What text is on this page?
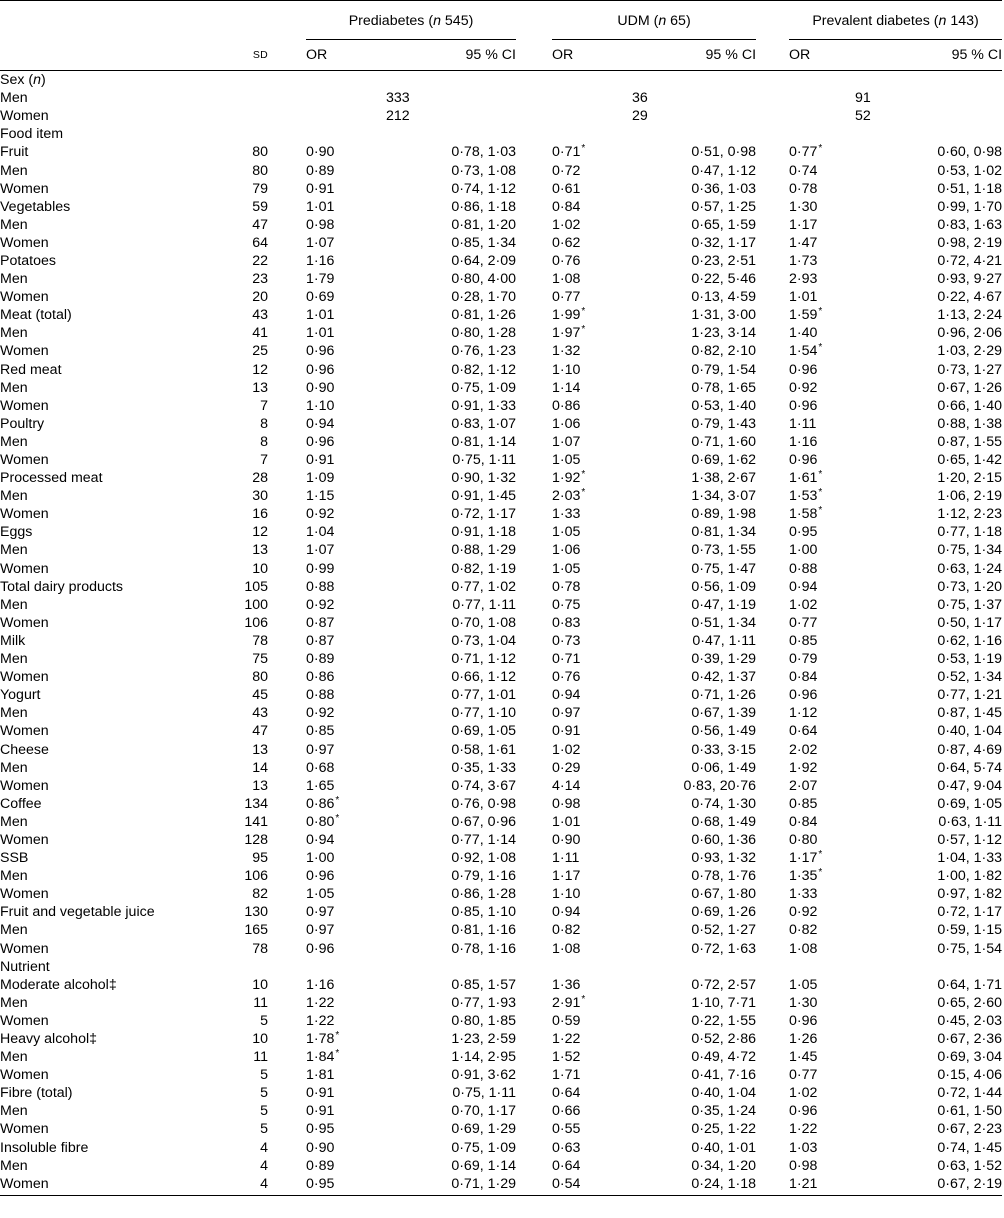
			Prediabetes (n 545)			UDM (n 65)			Prevalent diabetes (n 143)	

	SD		OR	95 % CI		OR	95 % CI		OR	95 % CI
Sex (n)										
Men				333			36			91
Women				212			29			52
Food item										
Fruit	80		0·90	0·78, 1·03		0·71 *	0·51, 0·98		0·77 *	0·60, 0·98
Men	80		0·89	0·73, 1·08		0·72	0·47, 1·12		0·74	0·53, 1·02
Women	79		0·91	0·74, 1·12		0·61	0·36, 1·03		0·78	0·51, 1·18
Vegetables	59		1·01	0·86, 1·18		0·84	0·57, 1·25		1·30	0·99, 1·70
Men	47		0·98	0·81, 1·20		1·02	0·65, 1·59		1·17	0·83, 1·63
Women	64		1·07	0·85, 1·34		0·62	0·32, 1·17		1·47	0·98, 2·19
Potatoes	22		1·16	0·64, 2·09		0·76	0·23, 2·51		1·73	0·72, 4·21
Men	23		1·79	0·80, 4·00		1·08	0·22, 5·46		2·93	0·93, 9·27
Women	20		0·69	0·28, 1·70		0·77	0·13, 4·59		1·01	0·22, 4·67
Meat (total)	43		1·01	0·81, 1·26		1·99 *	1·31, 3·00		1·59 *	1·13, 2·24
Men	41		1·01	0·80, 1·28		1·97 *	1·23, 3·14		1·40	0·96, 2·06
Women	25		0·96	0·76, 1·23		1·32	0·82, 2·10		1·54 *	1·03, 2·29
Red meat	12		0·96	0·82, 1·12		1·10	0·79, 1·54		0·96	0·73, 1·27
Men	13		0·90	0·75, 1·09		1·14	0·78, 1·65		0·92	0·67, 1·26
Women	7		1·10	0·91, 1·33		0·86	0·53, 1·40		0·96	0·66, 1·40
Poultry	8		0·94	0·83, 1·07		1·06	0·79, 1·43		1·11	0·88, 1·38
Men	8		0·96	0·81, 1·14		1·07	0·71, 1·60		1·16	0·87, 1·55
Women	7		0·91	0·75, 1·11		1·05	0·69, 1·62		0·96	0·65, 1·42
Processed meat	28		1·09	0·90, 1·32		1·92 *	1·38, 2·67		1·61 *	1·20, 2·15
Men	30		1·15	0·91, 1·45		2·03 *	1·34, 3·07		1·53 *	1·06, 2·19
Women	16		0·92	0·72, 1·17		1·33	0·89, 1·98		1·58 *	1·12, 2·23
Eggs	12		1·04	0·91, 1·18		1·05	0·81, 1·34		0·95	0·77, 1·18
Men	13		1·07	0·88, 1·29		1·06	0·73, 1·55		1·00	0·75, 1·34
Women	10		0·99	0·82, 1·19		1·05	0·75, 1·47		0·88	0·63, 1·24
Total dairy products	105		0·88	0·77, 1·02		0·78	0·56, 1·09		0·94	0·73, 1·20
Men	100		0·92	0·77, 1·11		0·75	0·47, 1·19		1·02	0·75, 1·37
Women	106		0·87	0·70, 1·08		0·83	0·51, 1·34		0·77	0·50, 1·17
Milk	78		0·87	0·73, 1·04		0·73	0·47, 1·11		0·85	0·62, 1·16
Men	75		0·89	0·71, 1·12		0·71	0·39, 1·29		0·79	0·53, 1·19
Women	80		0·86	0·66, 1·12		0·76	0·42, 1·37		0·84	0·52, 1·34
Yogurt	45		0·88	0·77, 1·01		0·94	0·71, 1·26		0·96	0·77, 1·21
Men	43		0·92	0·77, 1·10		0·97	0·67, 1·39		1·12	0·87, 1·45
Women	47		0·85	0·69, 1·05		0·91	0·56, 1·49		0·64	0·40, 1·04
Cheese	13		0·97	0·58, 1·61		1·02	0·33, 3·15		2·02	0·87, 4·69
Men	14		0·68	0·35, 1·33		0·29	0·06, 1·49		1·92	0·64, 5·74
Women	13		1·65	0·74, 3·67		4·14	0·83, 20·76		2·07	0·47, 9·04
Coffee	134		0·86 *	0·76, 0·98		0·98	0·74, 1·30		0·85	0·69, 1·05
Men	141		0·80 *	0·67, 0·96		1·01	0·68, 1·49		0·84	0·63, 1·11
Women	128		0·94	0·77, 1·14		0·90	0·60, 1·36		0·80	0·57, 1·12
SSB	95		1·00	0·92, 1·08		1·11	0·93, 1·32		1·17 *	1·04, 1·33
Men	106		0·96	0·79, 1·16		1·17	0·78, 1·76		1·35 *	1·00, 1·82
Women	82		1·05	0·86, 1·28		1·10	0·67, 1·80		1·33	0·97, 1·82
Fruit and vegetable juice	130		0·97	0·85, 1·10		0·94	0·69, 1·26		0·92	0·72, 1·17
Men	165		0·97	0·81, 1·16		0·82	0·52, 1·27		0·82	0·59, 1·15
Women	78		0·96	0·78, 1·16		1·08	0·72, 1·63		1·08	0·75, 1·54
Nutrient										
Moderate alcohol‡	10		1·16	0·85, 1·57		1·36	0·72, 2·57		1·05	0·64, 1·71
Men	11		1·22	0·77, 1·93		2·91 *	1·10, 7·71		1·30	0·65, 2·60
Women	5		1·22	0·80, 1·85		0·59	0·22, 1·55		0·96	0·45, 2·03
Heavy alcohol‡	10		1·78 *	1·23, 2·59		1·22	0·52, 2·86		1·26	0·67, 2·36
Men	11		1·84 *	1·14, 2·95		1·52	0·49, 4·72		1·45	0·69, 3·04
Women	5		1·81	0·91, 3·62		1·71	0·41, 7·16		0·77	0·15, 4·06
Fibre (total)	5		0·91	0·75, 1·11		0·64	0·40, 1·04		1·02	0·72, 1·44
Men	5		0·91	0·70, 1·17		0·66	0·35, 1·24		0·96	0·61, 1·50
Women	5		0·95	0·69, 1·29		0·55	0·25, 1·22		1·22	0·67, 2·23
Insoluble fibre	4		0·90	0·75, 1·09		0·63	0·40, 1·01		1·03	0·74, 1·45
Men	4		0·89	0·69, 1·14		0·64	0·34, 1·20		0·98	0·63, 1·52
Women	4		0·95	0·71, 1·29		0·54	0·24, 1·18		1·21	0·67, 2·19
